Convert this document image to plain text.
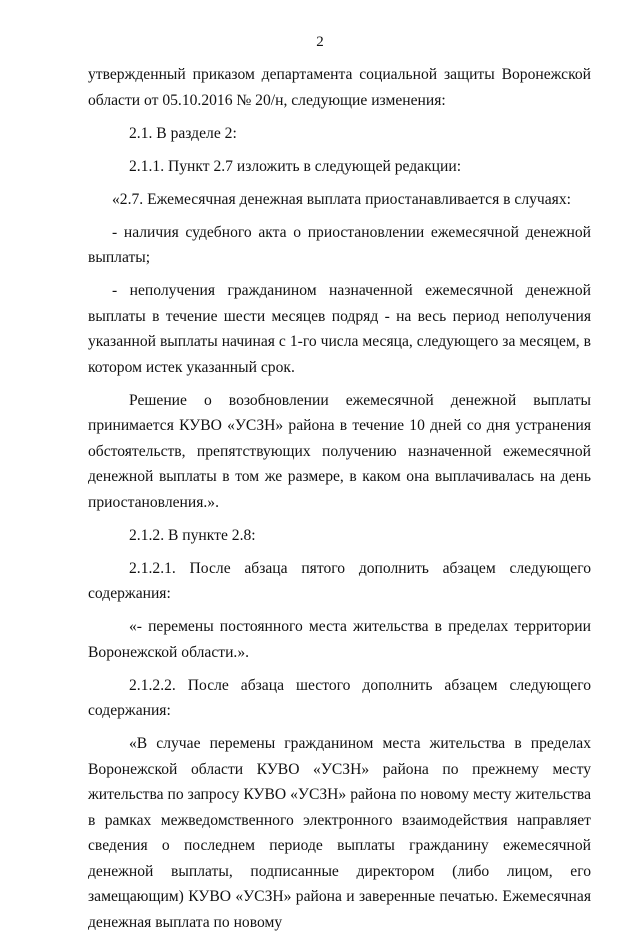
2

утвержденный приказом департамента социальной защиты Воронежской области от 05.10.2016 № 20/н, следующие изменения:

2.1. В разделе 2:

2.1.1. Пункт 2.7 изложить в следующей редакции:

«2.7. Ежемесячная денежная выплата приостанавливается в случаях:

- наличия судебного акта о приостановлении ежемесячной денежной выплаты;

- неполучения гражданином назначенной ежемесячной денежной выплаты в течение шести месяцев подряд - на весь период неполучения указанной выплаты начиная с 1-го числа месяца, следующего за месяцем, в котором истек указанный срок.

Решение о возобновлении ежемесячной денежной выплаты принимается КУВО «УСЗН» района в течение 10 дней со дня устранения обстоятельств, препятствующих получению назначенной ежемесячной денежной выплаты в том же размере, в каком она выплачивалась на день приостановления.».

2.1.2. В пункте 2.8:

2.1.2.1. После абзаца пятого дополнить абзацем следующего содержания:

«- перемены постоянного места жительства в пределах территории Воронежской области.».

2.1.2.2. После абзаца шестого дополнить абзацем следующего содержания:

«В случае перемены гражданином места жительства в пределах Воронежской области КУВО «УСЗН» района по прежнему месту жительства по запросу КУВО «УСЗН» района по новому месту жительства в рамках межведомственного электронного взаимодействия направляет сведения о последнем периоде выплаты гражданину ежемесячной денежной выплаты, подписанные директором (либо лицом, его замещающим) КУВО «УСЗН» района и заверенные печатью. Ежемесячная денежная выплата по новому
